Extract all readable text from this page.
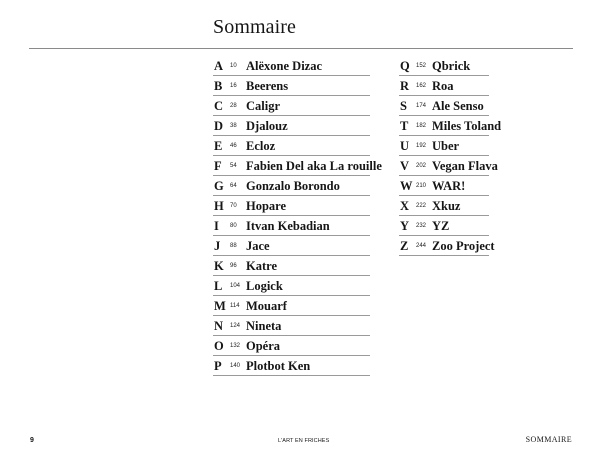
Sommaire
A 10 Alëxone Dizac
B 16 Beerens
C 28 Caligr
D 38 Djalouz
E 46 Ecloz
F 54 Fabien Del aka La rouille
G 64 Gonzalo Borondo
H 70 Hopare
I 80 Itvan Kebadian
J 88 Jace
K 96 Katre
L 104 Logick
M 114 Mouarf
N 124 Nineta
O 132 Opéra
P 140 Plotbot Ken
Q 152 Qbrick
R 162 Roa
S 174 Ale Senso
T 182 Miles Toland
U 192 Uber
V 202 Vegan Flava
W 210 WAR!
X 222 Xkuz
Y 232 YZ
Z 244 Zoo Project
9	L'ART EN FRICHES	SOMMAIRE
